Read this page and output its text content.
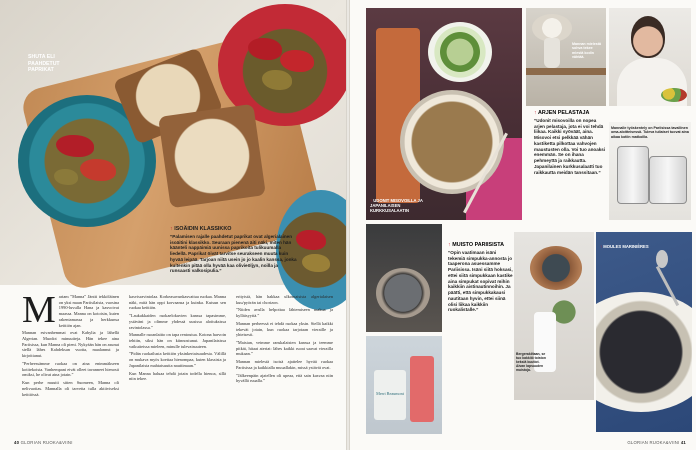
SHUTA ELI PAAHDETUT PAPRIKAT
↑ ISOÄIDIN KLASSIKKO

”Palamisen rajalle paahdetut paprikat ovat algerialainen isoäitini klassikko. Seuraan pienenä äiti näki, miten hän käänteli nappäimiä uunissa paprikoita tulikuumalla liedellä. Paprikat öivät tarvitse seurakseen muuta kuin hyvää leipää. Tarjoan niitä usein jo jo kaalin kanssa, jonka kuitenkin pitää olla hyvää kaa olivieöljyn, noilla ja runsaasti valkosipulia.”

M ariam ”Manna” Jäntti tekköläinen on yksi maan Pariisilaista, vuosina 1990-luvulla Hana ja kasvoivat maassa. Manna on kotoisin, kuten rakentamassa ja herkkunsa keittiön ajan.

Mannan esivanhemmat ovat Kabylia ja lähellä Algerian. Muodot minuutteja. Hän tekee aina Pariisissa, kun Manna oli pieni. Nykyään hän on asunut siellä lähes Kahdeksan vuotta, maalannut ja kirjoittanut.

”Perheessämme ruokaa on aina enimmäkseen kotitekoista. Vanhempani eivät olleet tavanneet hienosti omiksi, he olivat aina jotain.”

Kun perhe muutti sitten Suomeen, Manna oli nelivuotias. Mannalla oli tarvetta tulla aktiiviseksi keittiössä.

kasvisravintolaa. Korkeasavunkasvattua ruokaa. Manna näki, mitä hän oppi korvaansa ja kuinka. Kutsun sen ruokaa keittiön.

”Laukakkaiden ruokaelokuvien kanssa tapasimme, ystäväni ja olimme yhdessä uusissa aloituksissa ravintolassa.”

Mannalle ruoanlaitto on tapa rentoutua. Kotona harvoin tehtiin, siksi hän on kiinnostunut. Japanilaisissa vaikutteissa mieleen, minulle tulevaisuuteen.

”Pidän ruokailusta keittiön yksinkertaisuudesta. Välillä on mukava myös koettaa hienompaa, kuten klassista ja Japanilaista mahtaisuutta nauttimaan.”

Kun Manna haluaa tehdä jotain todella hienoa, sillä niin tekee.

erityistä, hän hakkaa ulkomaisista algerialaisen kuu/pyörän tai chorizon.

”Niiden avulla helpottaa lähtemiseen makua ja kylläisyyttä.”

Mannan perheessä ei tehdä ruokaa yksin. Siellä kaikki tekevät jotain, kun ruokaa tarjotaan vieraille ja yhteisesti.

”Maistan, veimme ranskalaisten kanssa ja teemme pitkät, hitaat ateriat: lähes kaikki ruoat saavat vierailla mukaan.”

Mannan mielestä isoisä ajattelee hyvää ruokaa Pariisissa ja kaikkialla muuallakin, missä ystävät ovat.

”Jälkeenpäin ajatellen oli upeaa, että sain kasvaa niin hyvällä ruualla.”

40 GLORIAN RUOKA&VIINI
↑ UDONIT MISOVOILLA JA JAPANILAISEN KURKKUSALAATIN
Mannan mielestä sohva tekee miestä kodin vähtää.
↑ ARJEN PELASTAJA

”Udonit misovoilla on nopea arjen pelastaja, jota ei voi tehdä liikaa. Kaikki syöväät, aina. Misovoi etsi pelkkää vähän kastiketta pilkottaa vahvojen maustusten olla. Voi tuo anoaksi enemmän. Se on ihana pehmeyttä ja raikkautta. Japanilainen kurkkusalaatti tuo raikkautta meidän tanssitaan.”

Mannalle työskentely on Pariisissa tavallinen oma-aloitteisessä. Tuleva tuliaiset tuovat aina aikaa kotiin matkoilla.
↑ MUISTO PARIISISTA

”Opin vaatimaan isäni tekemiä simpukka-annosta jo taaperona asuessamme Pariisissa. Isäni siitä hoksasi, ettei siitä simpukkaan kastike aina simpukat sopivat mihin kaikkiin aistinautinnoihin. Ja päätti, että simpukkakausi nautitaan hyvin, ettei siinä olisi liikaa kaikkiin ruokalistalle.”

Merri Beaumont
Bergerakiltaan, se tuo kakkiiö toiston keksiä kuutiot. Aivan lapsuuden muistoja.
↑ MOULES MARINIÈRES
GLORIAN RUOKA&VIINI 41
